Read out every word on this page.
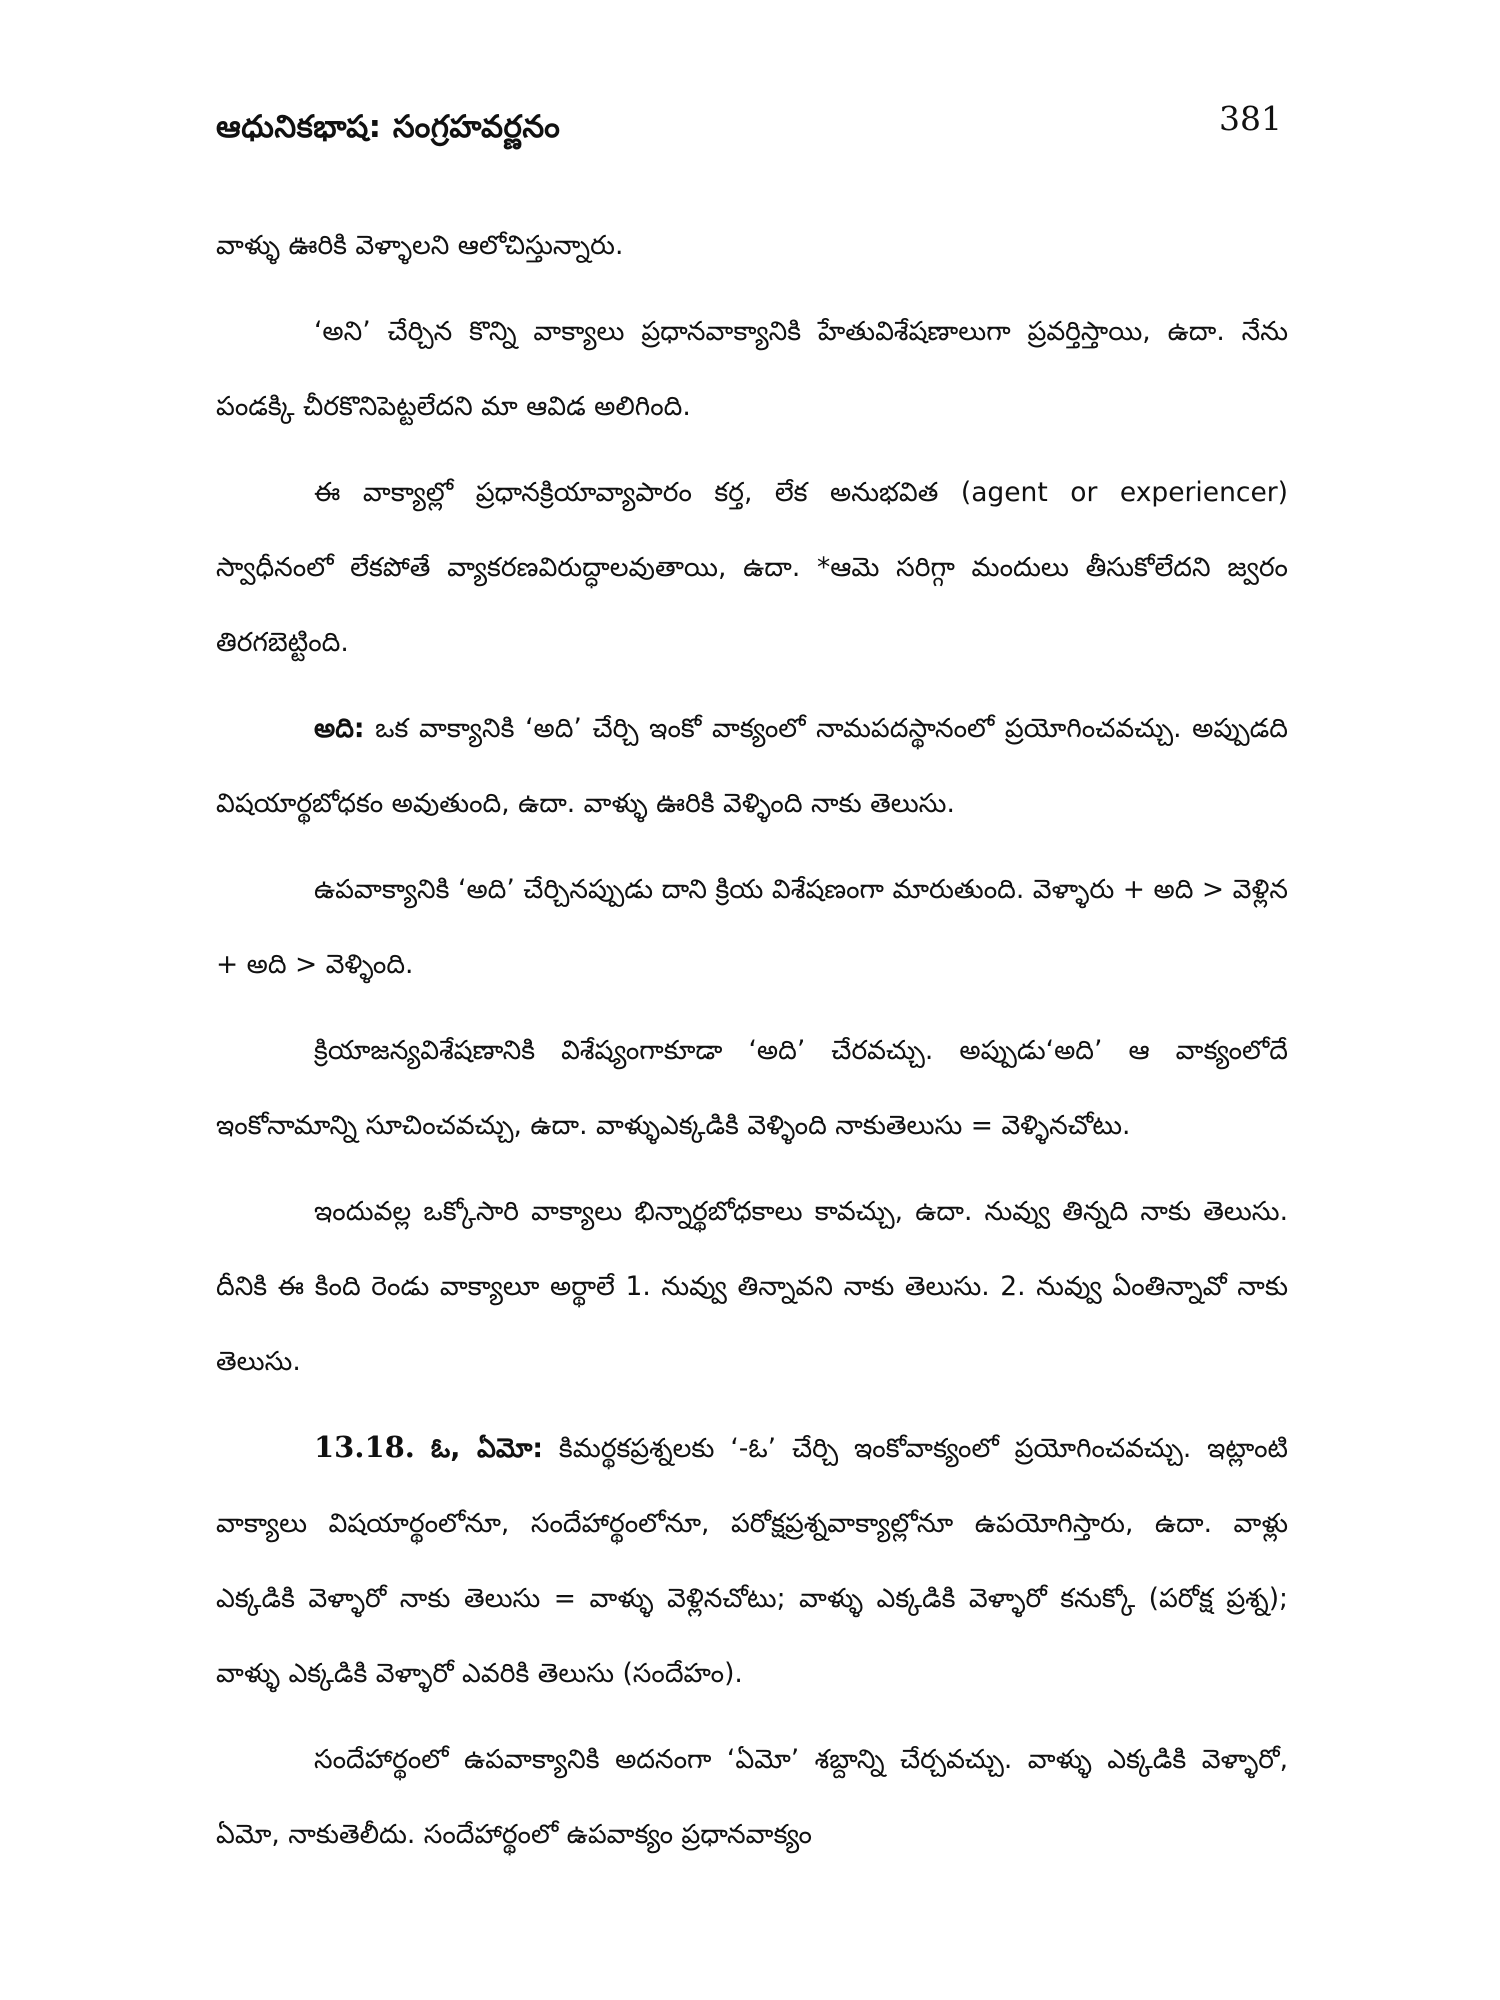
ఆధునికభాష: సంగ్రహవర్ణనం	381

వాళ్ళు ఊరికి వెళ్ళాలని ఆలోచిస్తున్నారు.

‘అని’ చేర్చిన కొన్ని వాక్యాలు ప్రధానవాక్యానికి హేతువిశేషణాలుగా ప్రవర్తిస్తాయి, ఉదా. నేను పండక్కి చీరకొనిపెట్టలేదని మా ఆవిడ అలిగింది.

ఈ వాక్యాల్లో ప్రధానక్రియావ్యాపారం కర్త, లేక అనుభవిత (agent or experiencer) స్వాధీనంలో లేకపోతే వ్యాకరణవిరుద్ధాలవుతాయి, ఉదా. *ఆమె సరిగ్గా మందులు తీసుకోలేదని జ్వరం తిరగబెట్టింది.

అది: ఒక వాక్యానికి ‘అది’ చేర్చి ఇంకో వాక్యంలో నామపదస్థానంలో ప్రయోగించవచ్చు. అప్పుడది విషయార్థబోధకం అవుతుంది, ఉదా. వాళ్ళు ఊరికి వెళ్ళింది నాకు తెలుసు.

ఉపవాక్యానికి ‘అది’ చేర్చినప్పుడు దాని క్రియ విశేషణంగా మారుతుంది. వెళ్ళారు + అది > వెళ్లిన + అది > వెళ్ళింది.

క్రియాజన్యవిశేషణానికి విశేష్యంగాకూడా ‘అది’ చేరవచ్చు. అప్పుడు‘అది’ ఆ వాక్యంలోదే ఇంకోనామాన్ని సూచించవచ్చు, ఉదా. వాళ్ళుఎక్కడికి వెళ్ళింది నాకుతెలుసు = వెళ్ళినచోటు.

ఇందువల్ల ఒక్కోసారి వాక్యాలు భిన్నార్థబోధకాలు కావచ్చు, ఉదా. నువ్వు తిన్నది నాకు తెలుసు. దీనికి ఈ కింది రెండు వాక్యాలూ అర్థాలే 1. నువ్వు తిన్నావని నాకు తెలుసు. 2. నువ్వు ఏంతిన్నావో నాకు తెలుసు.

13.18. ఓ, ఏమో: కిమర్థకప్రశ్నలకు ‘-ఓ’ చేర్చి ఇంకోవాక్యంలో ప్రయోగించవచ్చు. ఇట్లాంటి వాక్యాలు విషయార్థంలోనూ, సందేహార్థంలోనూ, పరోక్షప్రశ్నవాక్యాల్లోనూ ఉపయోగిస్తారు, ఉదా. వాళ్లు ఎక్కడికి వెళ్ళారో నాకు తెలుసు = వాళ్ళు వెళ్లినచోటు; వాళ్ళు ఎక్కడికి వెళ్ళారో కనుక్కో (పరోక్ష ప్రశ్న); వాళ్ళు ఎక్కడికి వెళ్ళారో ఎవరికి తెలుసు (సందేహం).

సందేహార్థంలో ఉపవాక్యానికి అదనంగా ‘ఏమో’ శబ్దాన్ని చేర్చవచ్చు. వాళ్ళు ఎక్కడికి వెళ్ళారో, ఏమో, నాకుతెలీదు. సందేహార్థంలో ఉపవాక్యం ప్రధానవాక్యం
